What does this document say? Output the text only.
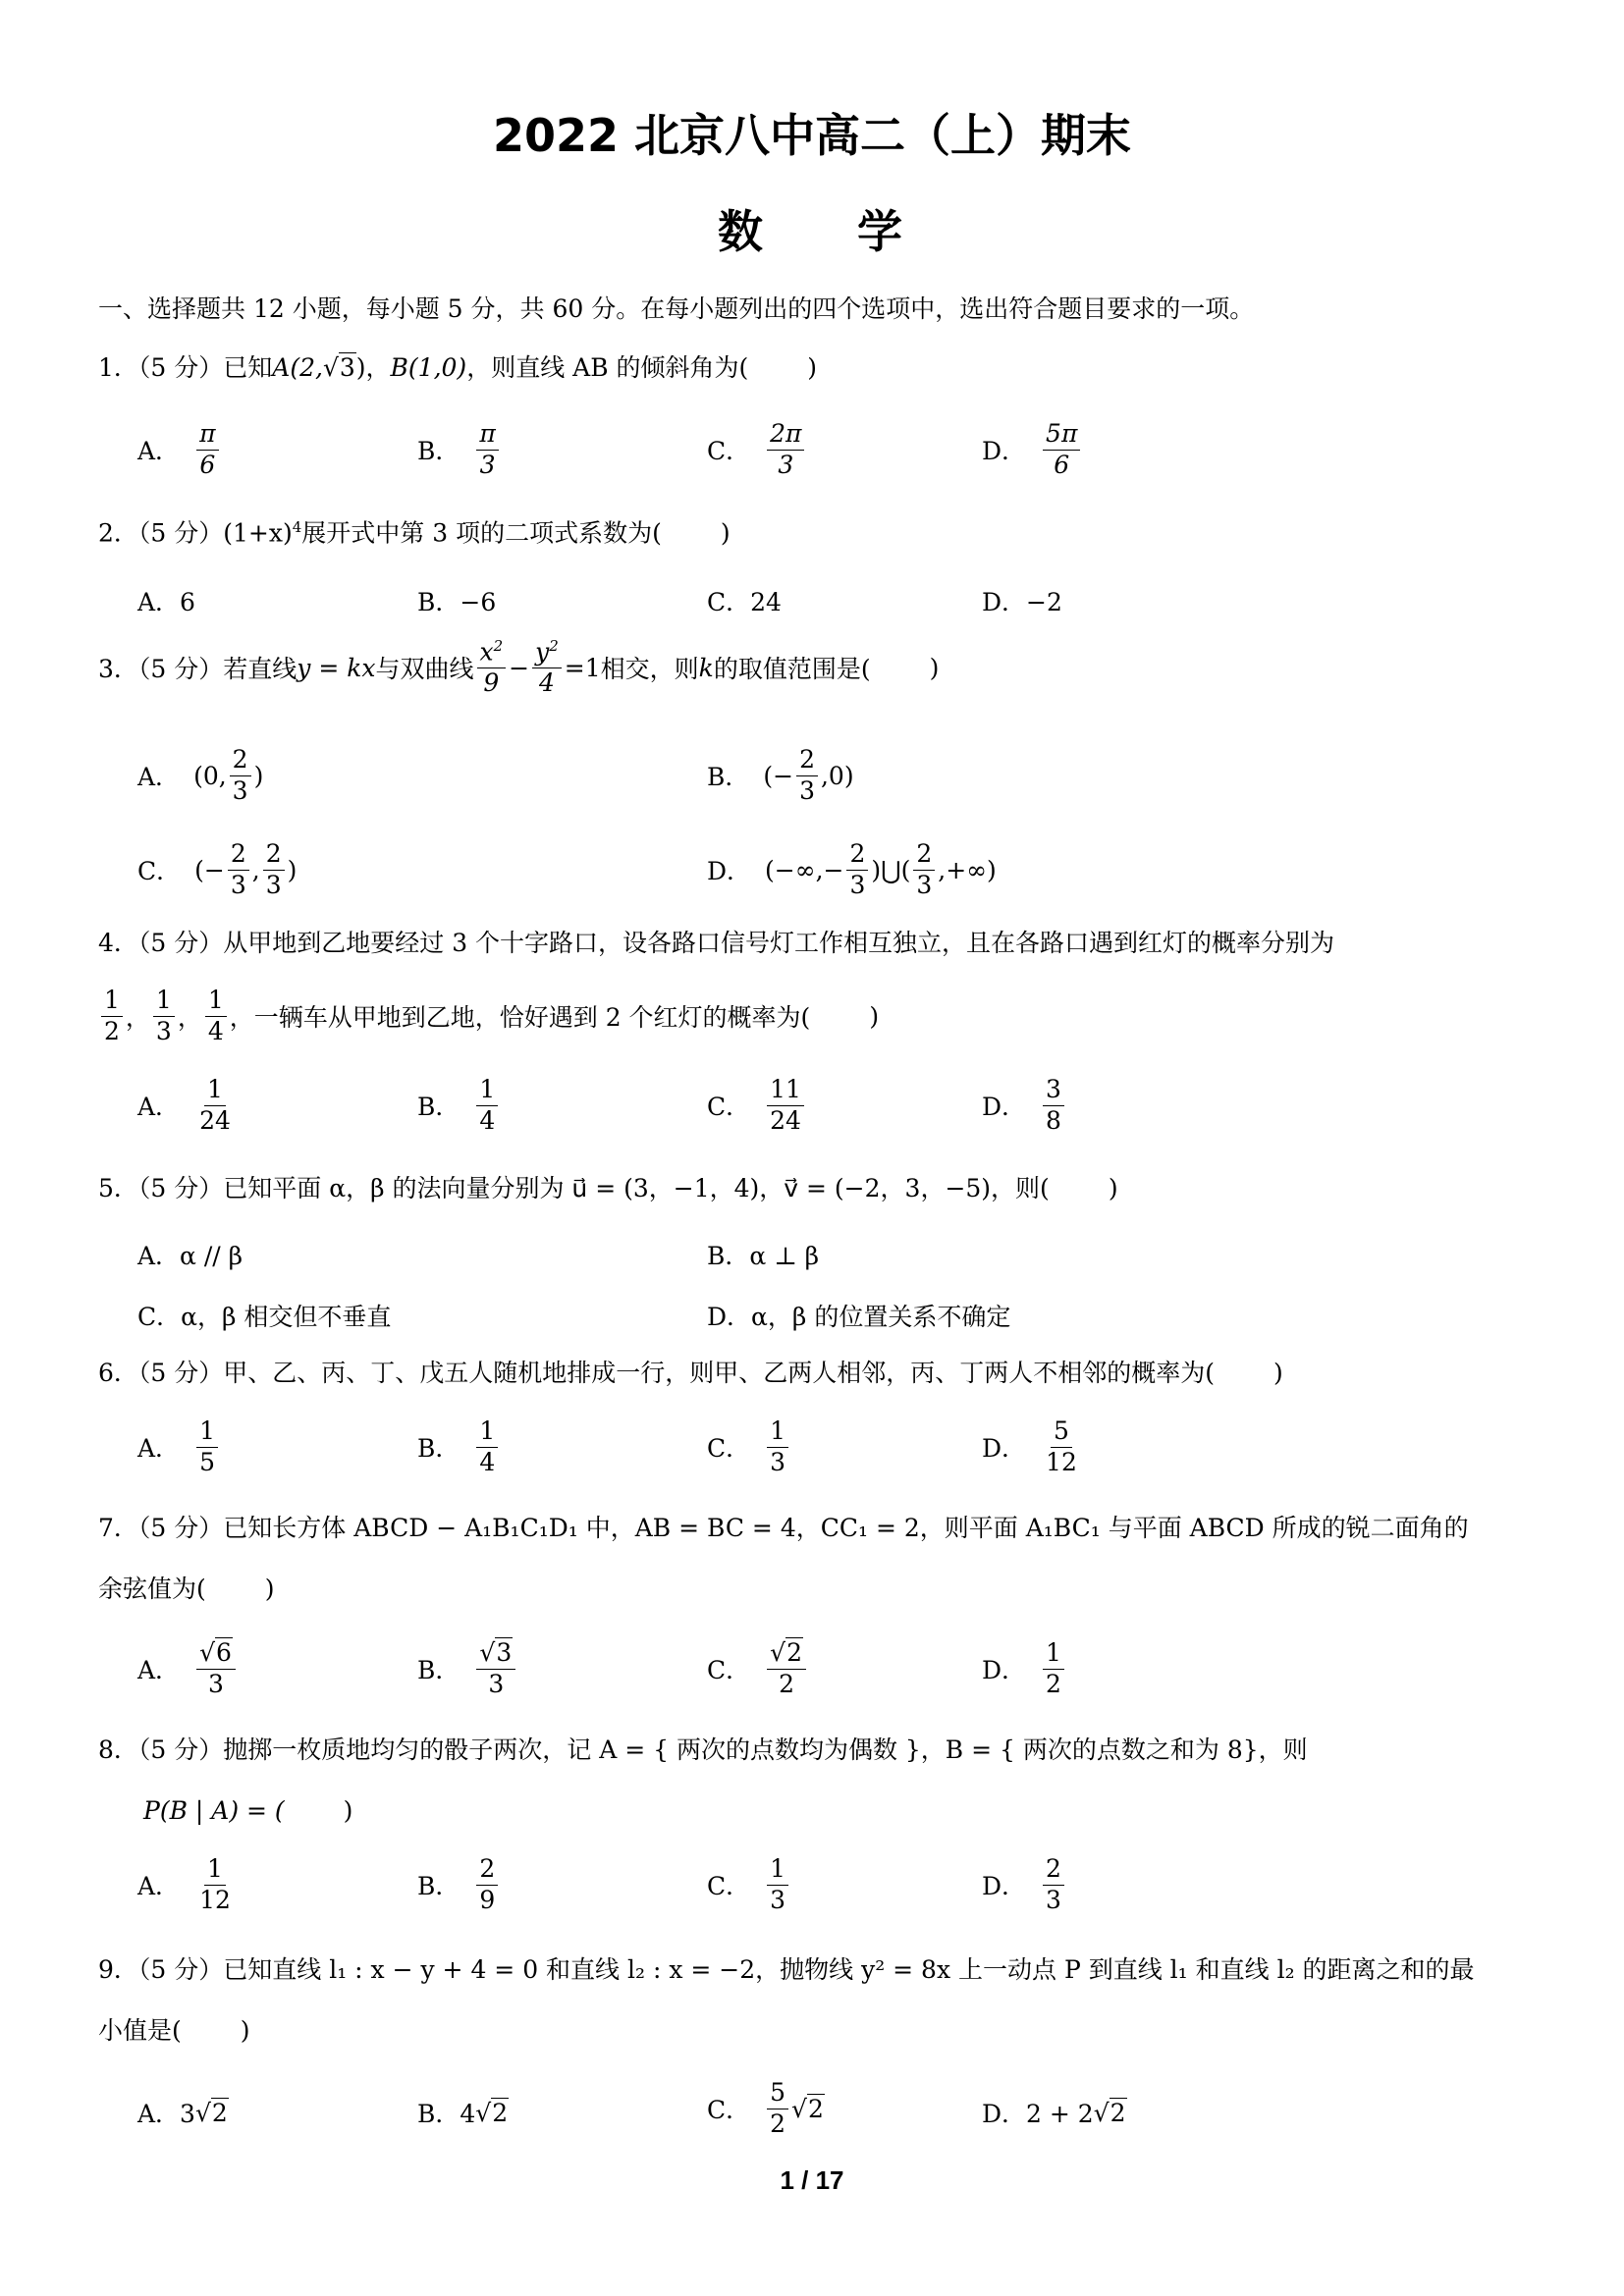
2022 北京八中高二（上）期末
数 学
一、选择题共 12 小题，每小题 5 分，共 60 分。在每小题列出的四个选项中，选出符合题目要求的一项。
1．（5 分）已知A(2,√3)，B(1,0)，则直线 AB 的倾斜角为( )
A． $\frac{\pi}{6}$	B． $\frac{\pi}{3}$	C． $\frac{2\pi}{3}$	D． $\frac{5\pi}{6}$
2．（5 分）$(1+x)^4$展开式中第 3 项的二项式系数为( )
A．6	B．−6	C．24	D．−2
3．（5 分）若直线 y = kx 与双曲线 $\frac{x^2}{9} - \frac{y^2}{4} =1$ 相交，则 k 的取值范围是( )
A． (0, $\frac{2}{3}$ )	B． (− $\frac{2}{3} ,0$)
C． (− $\frac{2}{3}$ , $\frac{2}{3}$ )	D． (−∞,− $\frac{2}{3}$ )⋃( $\frac{2}{3}$ ,+∞)
4．（5 分）从甲地到乙地要经过 3 个十字路口，设各路口信号灯工作相互独立，且在各路口遇到红灯的概率分别为
$\frac{1}{2}$ ， $\frac{1}{3}$ ， $\frac{1}{4}$ ，一辆车从甲地到乙地，恰好遇到 2 个红灯的概率为( )
A． $\frac{1}{24}$	B． $\frac{1}{4}$	C． $\frac{11}{24}$	D． $\frac{3}{8}$
5．（5 分）已知平面 α，β 的法向量分别为 u⃗ = (3，−1，4)，v⃗ = (−2，3，−5)，则( )
A．α // β	B．α ⊥ β
C．α，β 相交但不垂直	D．α，β 的位置关系不确定
6．（5 分）甲、乙、丙、丁、戊五人随机地排成一行，则甲、乙两人相邻，丙、丁两人不相邻的概率为( )
A． $\frac{1}{5}$	B． $\frac{1}{4}$	C． $\frac{1}{3}$	D． $\frac{5}{12}$
7．（5 分）已知长方体 ABCD − A₁B₁C₁D₁ 中，AB = BC = 4，CC₁ = 2，则平面 A₁BC₁ 与平面 ABCD 所成的锐二面角的
余弦值为( )
A． $\frac{√6}{3}$	B． $\frac{√3}{3}$	C． $\frac{√2}{2}$	D． $\frac{1}{2}$
8．（5 分）抛掷一枚质地均匀的骰子两次，记 A = { 两次的点数均为偶数 }，B = { 两次的点数之和为 8}，则
P(B | A) = ( )
A． $\frac{1}{12}$	B． $\frac{2}{9}$	C． $\frac{1}{3}$	D． $\frac{2}{3}$
9．（5 分）已知直线 l₁ : x − y + 4 = 0 和直线 l₂ : x = −2，抛物线 y² = 8x 上一动点 P 到直线 l₁ 和直线 l₂ 的距离之和的最
小值是( )
A．3 √ 2	B．4 √ 2	C． $\frac{5}{2}$ √ 2	D．2 + 2 √ 2
1 / 17
